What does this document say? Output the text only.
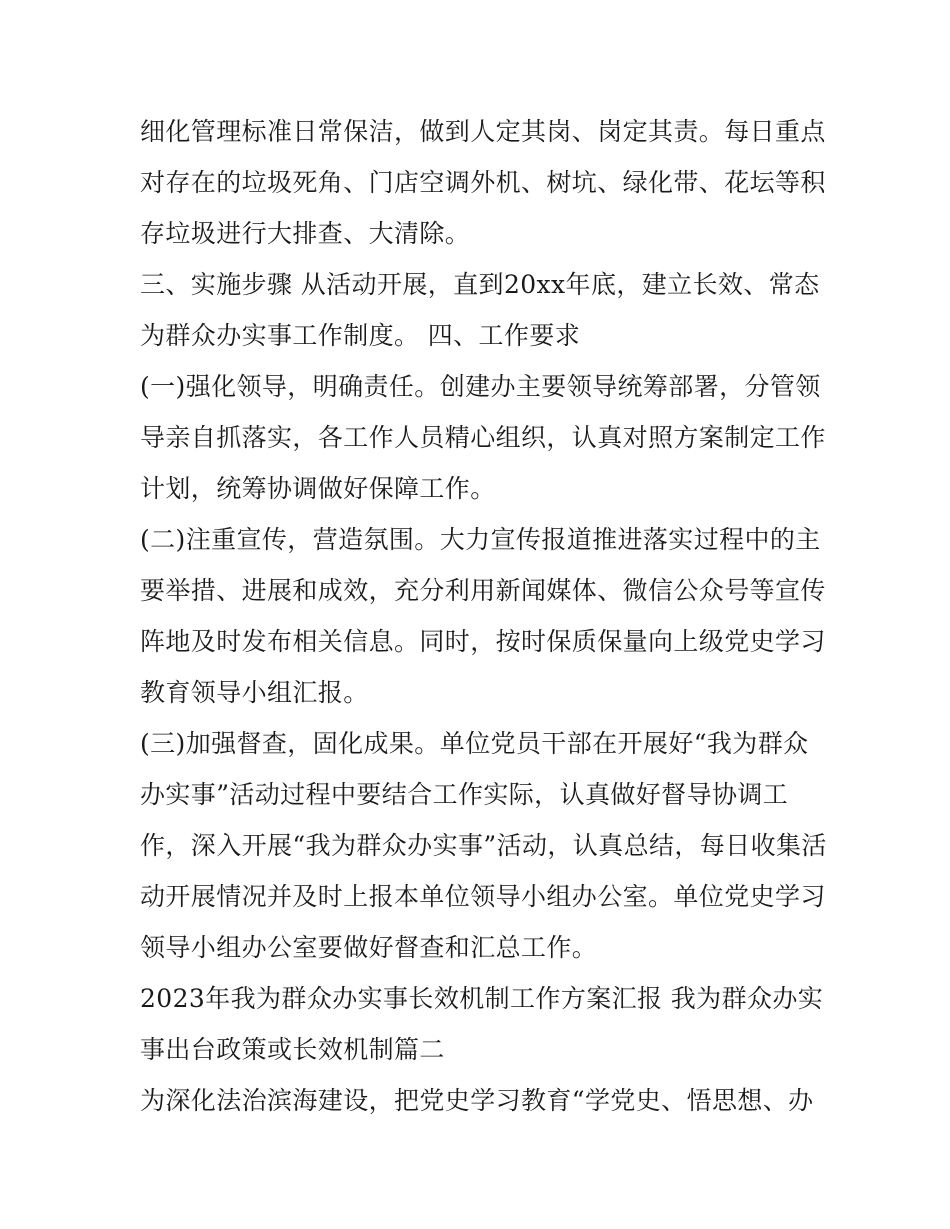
细化管理标准日常保洁，做到人定其岗、岗定其责。每日重点
对存在的垃圾死角、门店空调外机、树坑、绿化带、花坛等积
存垃圾进行大排查、大清除。
三、实施步骤 从活动开展，直到20xx年底，建立长效、常态
为群众办实事工作制度。 四、工作要求
(一)强化领导，明确责任。创建办主要领导统筹部署，分管领
导亲自抓落实，各工作人员精心组织，认真对照方案制定工作
计划，统筹协调做好保障工作。
(二)注重宣传，营造氛围。大力宣传报道推进落实过程中的主
要举措、进展和成效，充分利用新闻媒体、微信公众号等宣传
阵地及时发布相关信息。同时，按时保质保量向上级党史学习
教育领导小组汇报。
(三)加强督查，固化成果。单位党员干部在开展好“我为群众
办实事”活动过程中要结合工作实际，认真做好督导协调工
作，深入开展“我为群众办实事”活动，认真总结，每日收集活
动开展情况并及时上报本单位领导小组办公室。单位党史学习
领导小组办公室要做好督查和汇总工作。
2023年我为群众办实事长效机制工作方案汇报 我为群众办实
事出台政策或长效机制篇二
为深化法治滨海建设，把党史学习教育“学党史、悟思想、办
